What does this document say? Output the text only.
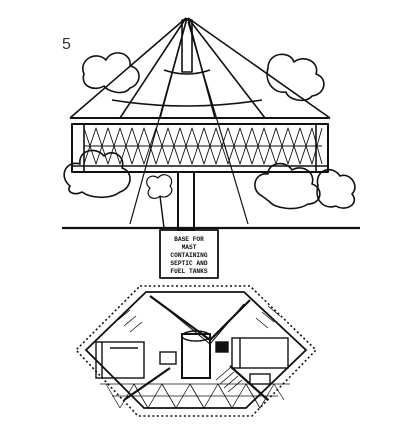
5
BASE FOR
MAST
CONTAINING
SEPTIC AND
FUEL TANKS
